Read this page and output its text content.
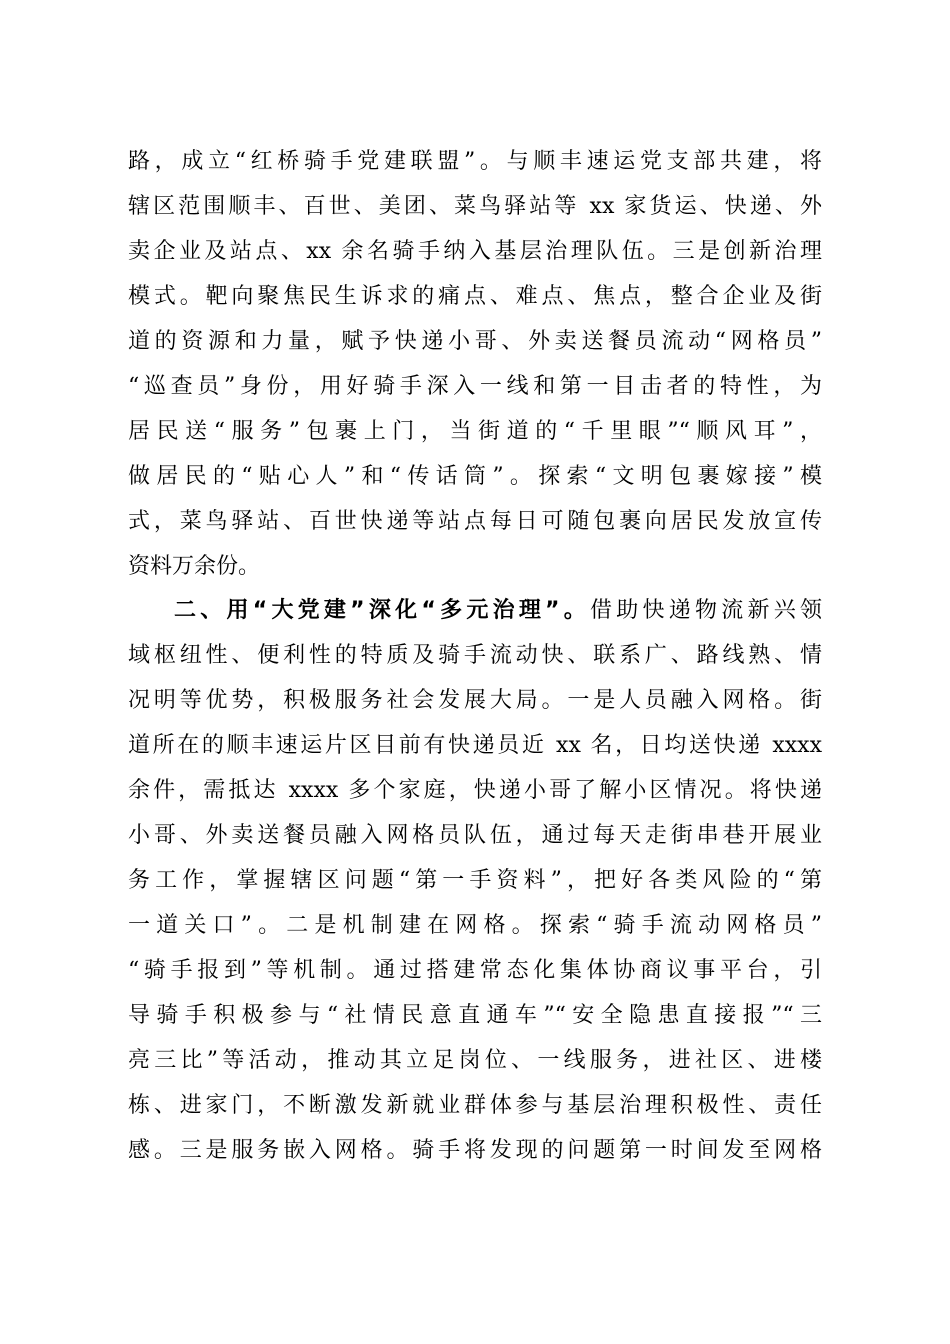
路，成立“红桥骑手党建联盟”。与顺丰速运党支部共建，将
辖区范围顺丰、百世、美团、菜鸟驿站等 xx 家货运、快递、外
卖企业及站点、xx 余名骑手纳入基层治理队伍。三是创新治理
模式。靶向聚焦民生诉求的痛点、难点、焦点，整合企业及街
道的资源和力量，赋予快递小哥、外卖送餐员流动“网格员”
“巡查员”身份，用好骑手深入一线和第一目击者的特性，为
居民送“服务”包裹上门，当街道的“千里眼”“顺风耳”，
做居民的“贴心人”和“传话筒”。探索“文明包裹嫁接”模
式，菜鸟驿站、百世快递等站点每日可随包裹向居民发放宣传
资料万余份。
二、用“大党建”深化“多元治理”。借助快递物流新兴领
域枢纽性、便利性的特质及骑手流动快、联系广、路线熟、情
况明等优势，积极服务社会发展大局。一是人员融入网格。街
道所在的顺丰速运片区目前有快递员近 xx 名，日均送快递 xxxx
余件，需抵达 xxxx 多个家庭，快递小哥了解小区情况。将快递
小哥、外卖送餐员融入网格员队伍，通过每天走街串巷开展业
务工作，掌握辖区问题“第一手资料”，把好各类风险的“第
一道关口”。二是机制建在网格。探索“骑手流动网格员”
“骑手报到”等机制。通过搭建常态化集体协商议事平台，引
导骑手积极参与“社情民意直通车”“安全隐患直接报”“三
亮三比”等活动，推动其立足岗位、一线服务，进社区、进楼
栋、进家门，不断激发新就业群体参与基层治理积极性、责任
感。三是服务嵌入网格。骑手将发现的问题第一时间发至网格
